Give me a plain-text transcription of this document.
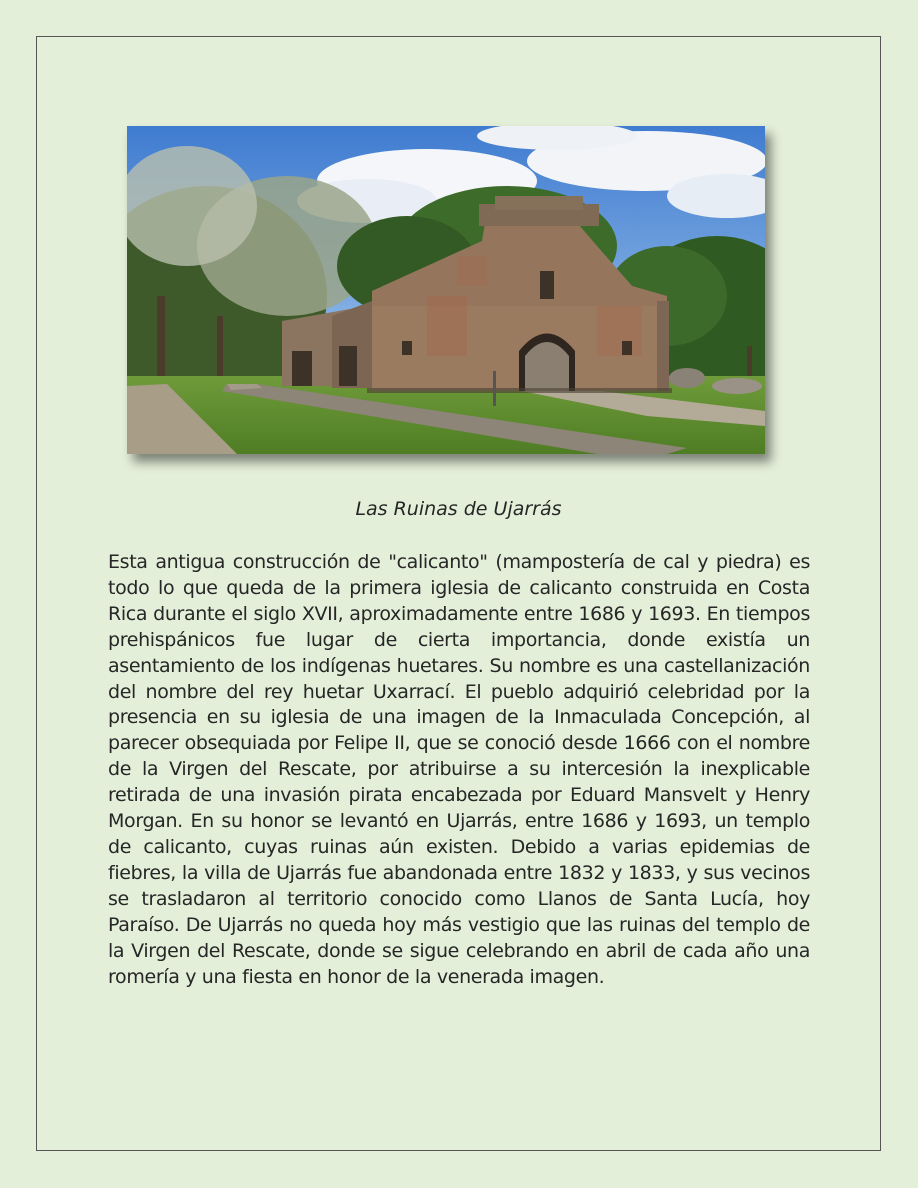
Las Ruinas de Ujarrás

Esta antigua construcción de "calicanto" (mampostería de cal y piedra) es todo lo que queda de la primera iglesia de calicanto construida en Costa Rica durante el siglo XVII, aproximadamente entre 1686 y 1693. En tiempos prehispánicos fue lugar de cierta importancia, donde existía un asentamiento de los indígenas huetares. Su nombre es una castellanización del nombre del rey huetar Uxarrací. El pueblo adquirió celebridad por la presencia en su iglesia de una imagen de la Inmaculada Concepción, al parecer obsequiada por Felipe II, que se conoció desde 1666 con el nombre de la Virgen del Rescate, por atribuirse a su intercesión la inexplicable retirada de una invasión pirata encabezada por Eduard Mansvelt y Henry Morgan. En su honor se levantó en Ujarrás, entre 1686 y 1693, un templo de calicanto, cuyas ruinas aún existen. Debido a varias epidemias de fiebres, la villa de Ujarrás fue abandonada entre 1832 y 1833, y sus vecinos se trasladaron al territorio conocido como Llanos de Santa Lucía, hoy Paraíso. De Ujarrás no queda hoy más vestigio que las ruinas del templo de la Virgen del Rescate, donde se sigue celebrando en abril de cada año una romería y una fiesta en honor de la venerada imagen.
